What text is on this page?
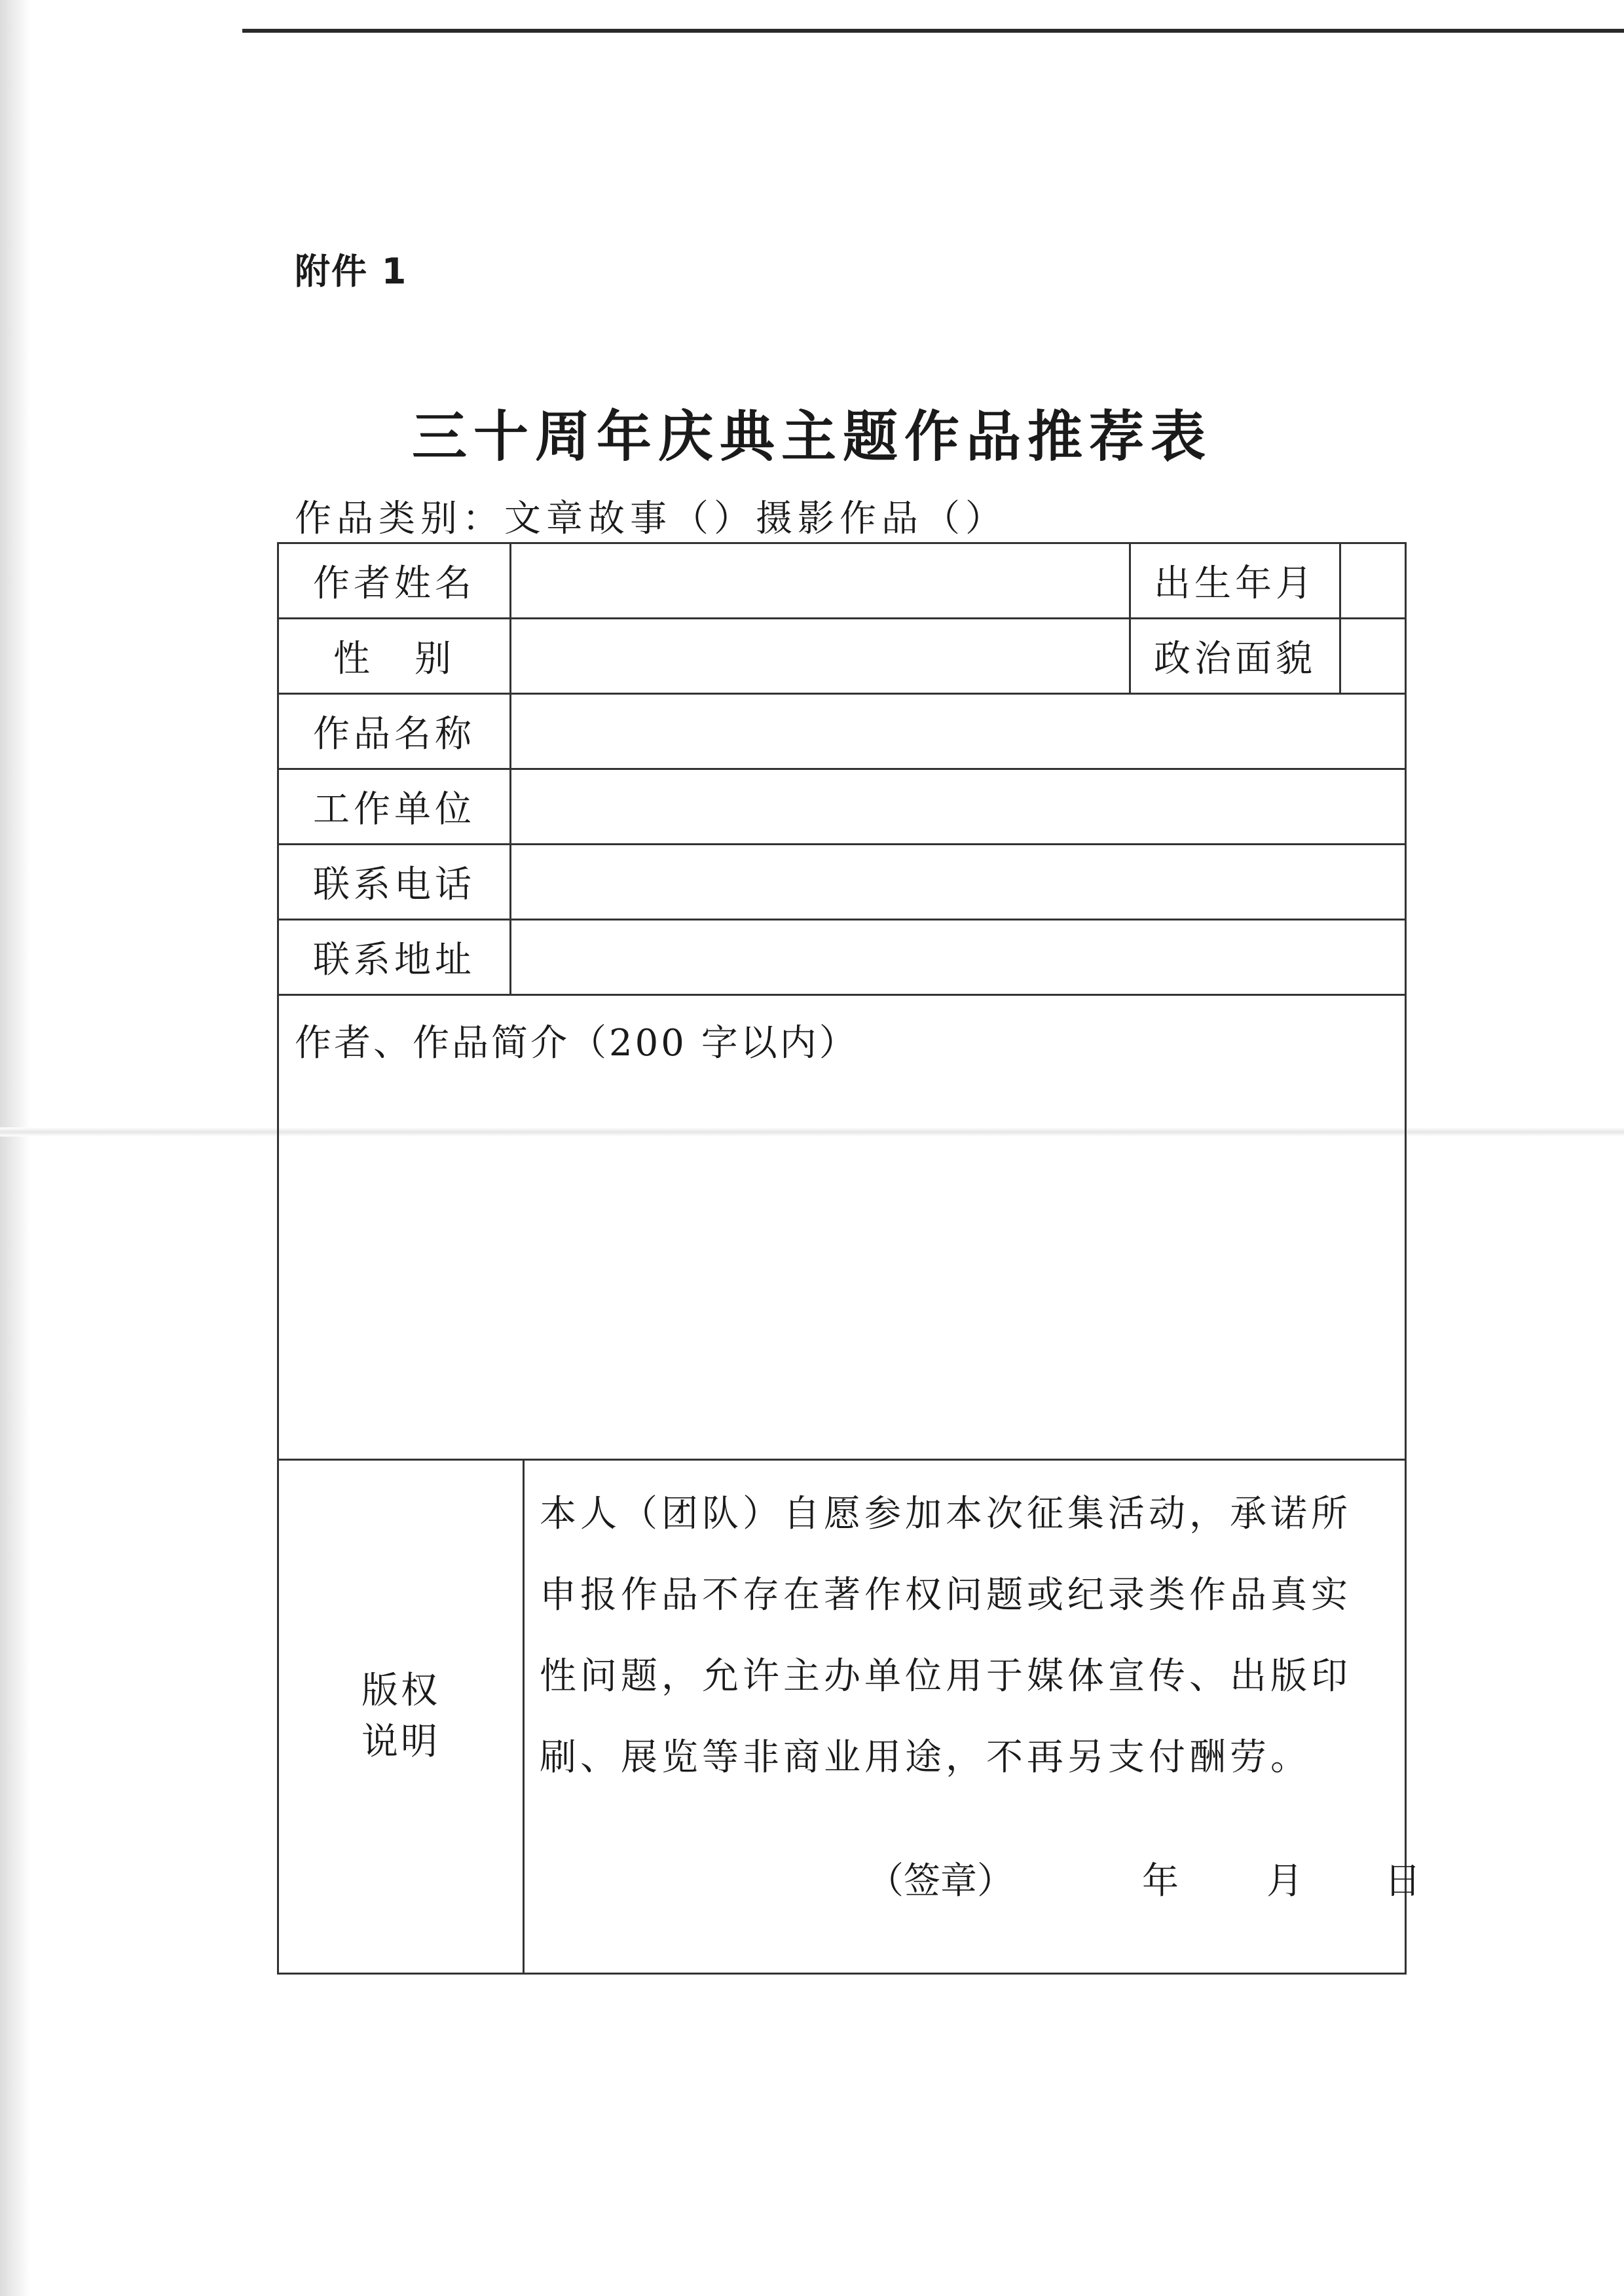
附件 1
三十周年庆典主题作品推荐表
作品类别：文章故事（）摄影作品（）
作者姓名	出生年月
性　别	政治面貌
作品名称
工作单位
联系电话
联系地址
作者、作品简介（200 字以内）
版权
说明
本人（团队）自愿参加本次征集活动，承诺所申报作品不存在著作权问题或纪录类作品真实性问题，允许主办单位用于媒体宣传、出版印刷、展览等非商业用途，不再另支付酬劳。
（签章）	年 月 日
